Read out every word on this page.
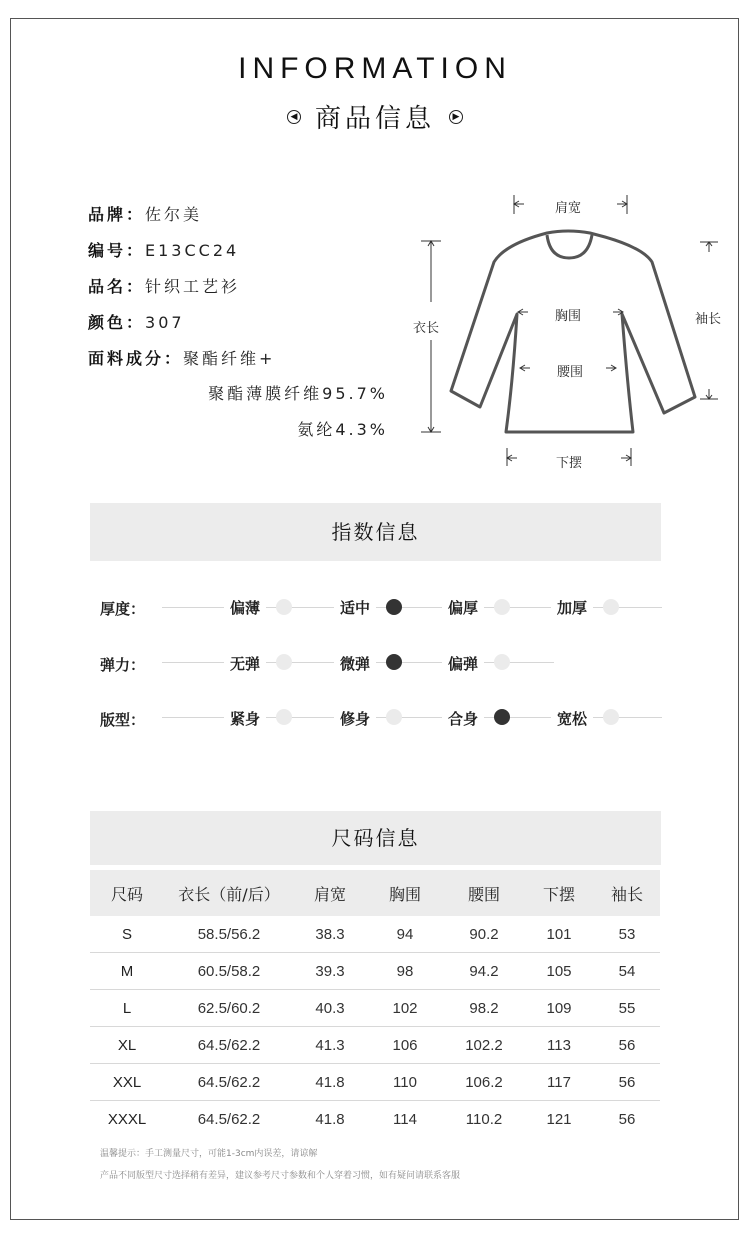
INFORMATION
◀ 商品信息 ▶
品牌：佐尔美
编号：E13CC24
品名：针织工艺衫
颜色：307
面料成分：聚酯纤维+
聚酯薄膜纤维95.7%
氨纶4.3%
肩宽
衣长
胸围
腰围
下摆
袖长
指数信息
厚度：	偏薄	适中	偏厚	加厚
弹力：	无弹	微弹	偏弹
版型：	紧身	修身	合身	宽松
尺码信息
尺码	衣长（前/后）	肩宽	胸围	腰围	下摆	袖长
S	58.5/56.2	38.3	94	90.2	101	53
M	60.5/58.2	39.3	98	94.2	105	54
L	62.5/60.2	40.3	102	98.2	109	55
XL	64.5/62.2	41.3	106	102.2	113	56
XXL	64.5/62.2	41.8	110	106.2	117	56
XXXL	64.5/62.2	41.8	114	110.2	121	56
温馨提示：手工测量尺寸，可能1-3cm内误差，请谅解
产品不同版型尺寸选择稍有差异，建议参考尺寸参数和个人穿着习惯，如有疑问请联系客服
